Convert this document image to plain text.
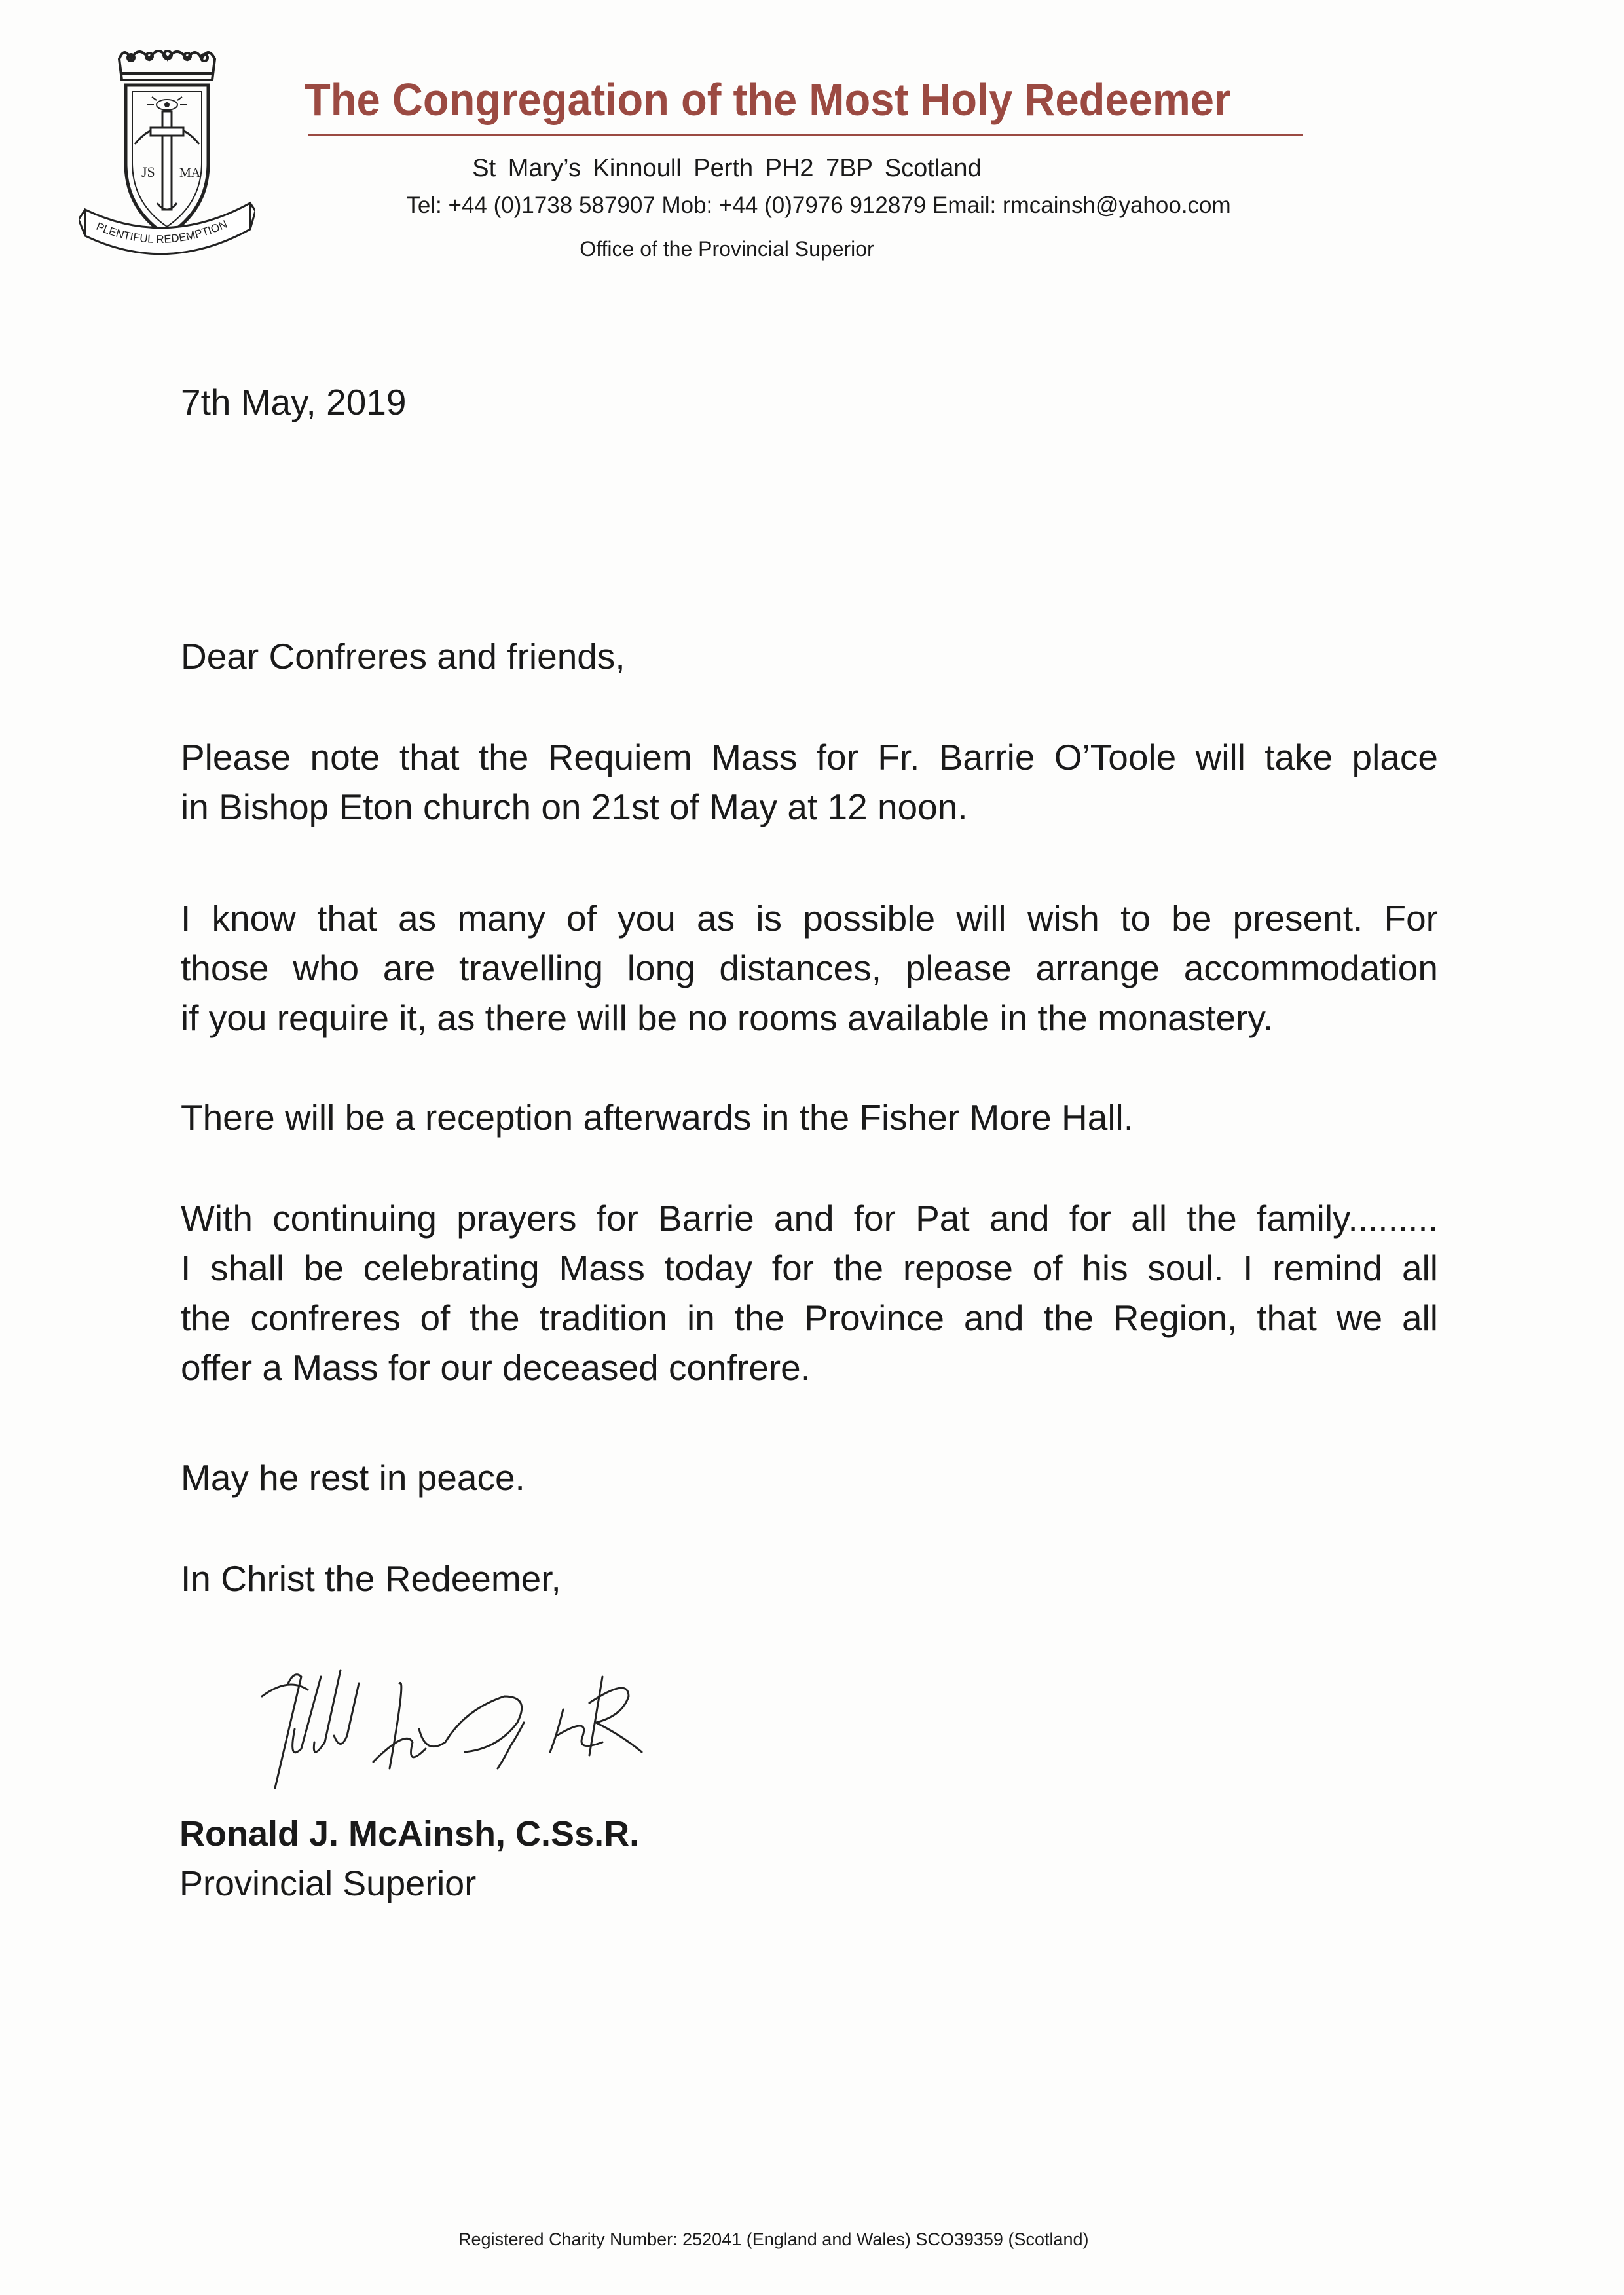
JS MA
PLENTIFUL REDEMPTION
The Congregation of the Most Holy Redeemer
St Mary’s Kinnoull Perth PH2 7BP Scotland
Tel: +44 (0)1738 587907 Mob: +44 (0)7976 912879 Email: rmcainsh@yahoo.com
Office of the Provincial Superior
7th May, 2019
Dear Confreres and friends,
Please note that the Requiem Mass for Fr. Barrie O’Toole will take place
in Bishop Eton church on 21st of May at 12 noon.
I know that as many of you as is possible will wish to be present. For
those who are travelling long distances, please arrange accommodation
if you require it, as there will be no rooms available in the monastery.
There will be a reception afterwards in the Fisher More Hall.
With continuing prayers for Barrie and for Pat and for all the family.........
I shall be celebrating Mass today for the repose of his soul. I remind all
the confreres of the tradition in the Province and the Region, that we all
offer a Mass for our deceased confrere.
May he rest in peace.
In Christ the Redeemer,
Ronald J. McAinsh, C.Ss.R.
Provincial Superior
Registered Charity Number: 252041 (England and Wales) SCO39359 (Scotland)
